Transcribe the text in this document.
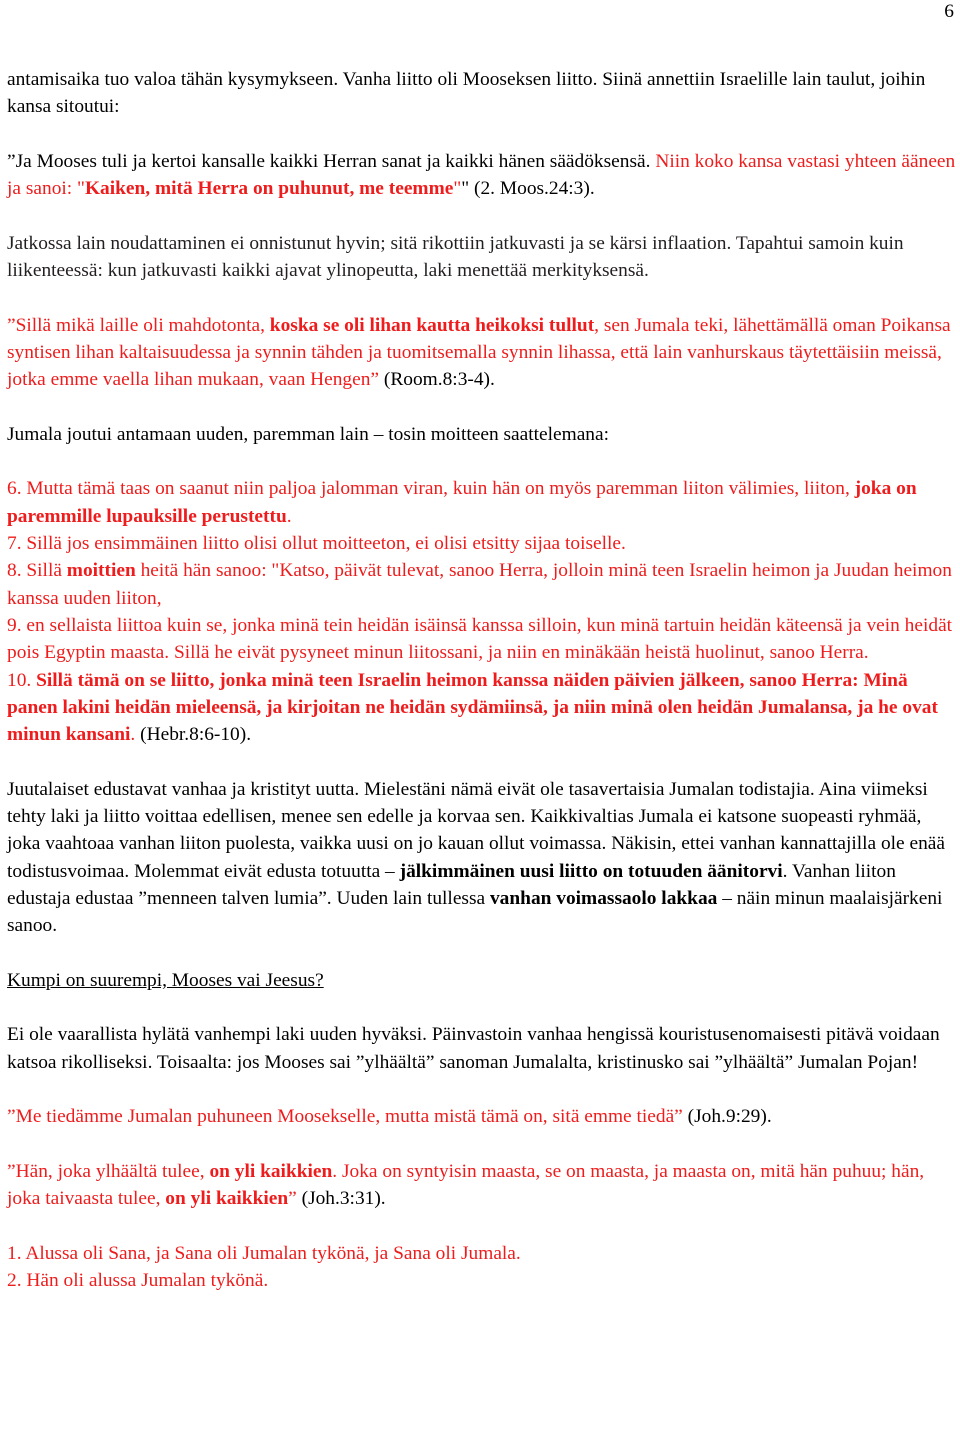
6

antamisaika tuo valoa tähän kysymykseen. Vanha liitto oli Mooseksen liitto. Siinä annettiin Israelille lain taulut, joihin kansa sitoutui:

”Ja Mooses tuli ja kertoi kansalle kaikki Herran sanat ja kaikki hänen säädöksensä. Niin koko kansa vastasi yhteen ääneen ja sanoi: "Kaiken, mitä Herra on puhunut, me teemme"" (2. Moos.24:3).

Jatkossa lain noudattaminen ei onnistunut hyvin; sitä rikottiin jatkuvasti ja se kärsi inflaation. Tapahtui samoin kuin liikenteessä: kun jatkuvasti kaikki ajavat ylinopeutta, laki menettää merkityksensä.

”Sillä mikä laille oli mahdotonta, koska se oli lihan kautta heikoksi tullut, sen Jumala teki, lähettämällä oman Poikansa syntisen lihan kaltaisuudessa ja synnin tähden ja tuomitsemalla synnin lihassa, että lain vanhurskaus täytettäisiin meissä, jotka emme vaella lihan mukaan, vaan Hengen” (Room.8:3-4).

Jumala joutui antamaan uuden, paremman lain – tosin moitteen saattelemana:

6. Mutta tämä taas on saanut niin paljoa jalomman viran, kuin hän on myös paremman liiton välimies, liiton, joka on paremmille lupauksille perustettu.

7. Sillä jos ensimmäinen liitto olisi ollut moitteeton, ei olisi etsitty sijaa toiselle.

8. Sillä moittien heitä hän sanoo: "Katso, päivät tulevat, sanoo Herra, jolloin minä teen Israelin heimon ja Juudan heimon kanssa uuden liiton,

9. en sellaista liittoa kuin se, jonka minä tein heidän isäinsä kanssa silloin, kun minä tartuin heidän käteensä ja vein heidät pois Egyptin maasta. Sillä he eivät pysyneet minun liitossani, ja niin en minäkään heistä huolinut, sanoo Herra.

10. Sillä tämä on se liitto, jonka minä teen Israelin heimon kanssa näiden päivien jälkeen, sanoo Herra: Minä panen lakini heidän mieleensä, ja kirjoitan ne heidän sydämiinsä, ja niin minä olen heidän Jumalansa, ja he ovat minun kansani. (Hebr.8:6-10).

Juutalaiset edustavat vanhaa ja kristityt uutta. Mielestäni nämä eivät ole tasavertaisia Jumalan todistajia. Aina viimeksi tehty laki ja liitto voittaa edellisen, menee sen edelle ja korvaa sen. Kaikkivaltias Jumala ei katsone suopeasti ryhmää, joka vaahtoaa vanhan liiton puolesta, vaikka uusi on jo kauan ollut voimassa. Näkisin, ettei vanhan kannattajilla ole enää todistusvoimaa. Molemmat eivät edusta totuutta – jälkimmäinen uusi liitto on totuuden äänitorvi. Vanhan liiton edustaja edustaa ”menneen talven lumia”. Uuden lain tullessa vanhan voimassaolo lakkaa – näin minun maalaisjärkeni sanoo.

Kumpi on suurempi, Mooses vai Jeesus?

Ei ole vaarallista hylätä vanhempi laki uuden hyväksi. Päinvastoin vanhaa hengissä kouristusenomaisesti pitävä voidaan katsoa rikolliseksi. Toisaalta: jos Mooses sai ”ylhäältä” sanoman Jumalalta, kristinusko sai ”ylhäältä” Jumalan Pojan!

”Me tiedämme Jumalan puhuneen Moosekselle, mutta mistä tämä on, sitä emme tiedä” (Joh.9:29).

”Hän, joka ylhäältä tulee, on yli kaikkien. Joka on syntyisin maasta, se on maasta, ja maasta on, mitä hän puhuu; hän, joka taivaasta tulee, on yli kaikkien” (Joh.3:31).

1. Alussa oli Sana, ja Sana oli Jumalan tykönä, ja Sana oli Jumala.

2. Hän oli alussa Jumalan tykönä.
